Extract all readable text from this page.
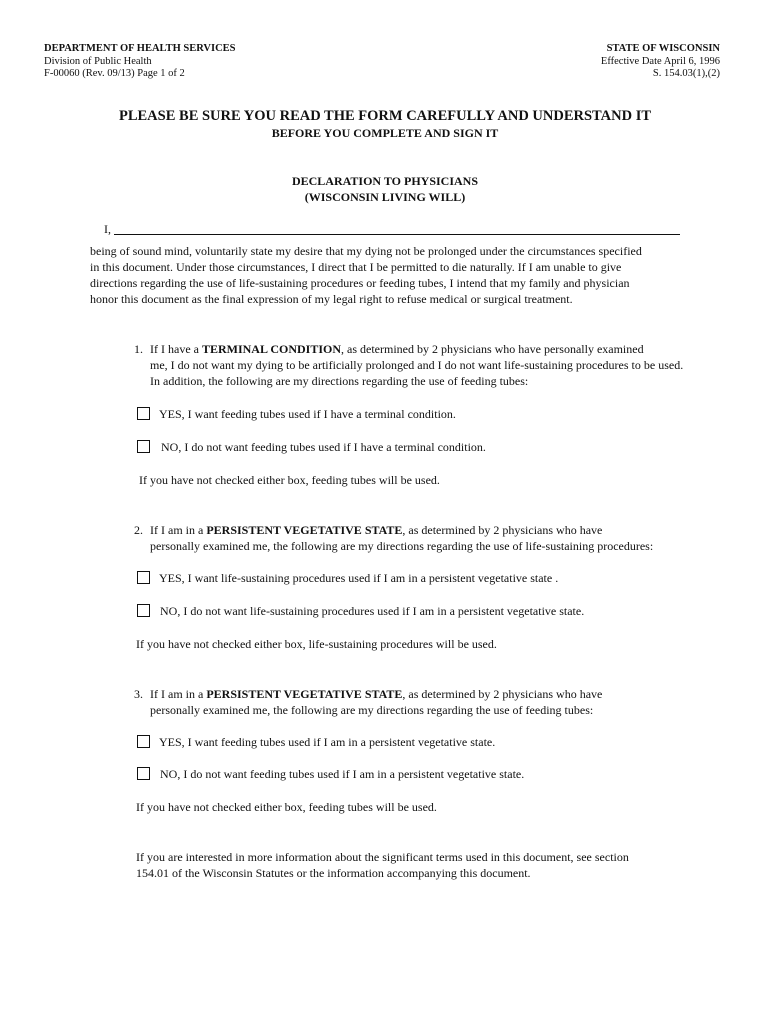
DEPARTMENT OF HEALTH SERVICES
Division of Public Health
F-00060 (Rev. 09/13) Page 1 of 2
STATE OF WISCONSIN
Effective Date April 6, 1996
S. 154.03(1),(2)
PLEASE BE SURE YOU READ THE FORM CAREFULLY AND UNDERSTAND IT
BEFORE YOU COMPLETE AND SIGN IT
DECLARATION TO PHYSICIANS
(WISCONSIN LIVING WILL)
I,
being of sound mind, voluntarily state my desire that my dying not be prolonged under the circumstances specified
in this document. Under those circumstances, I direct that I be permitted to die naturally. If I am unable to give
directions regarding the use of life-sustaining procedures or feeding tubes, I intend that my family and physician
honor this document as the final expression of my legal right to refuse medical or surgical treatment.
1. If I have a TERMINAL CONDITION, as determined by 2 physicians who have personally examined
me, I do not want my dying to be artificially prolonged and I do not want life-sustaining procedures to be used.
In addition, the following are my directions regarding the use of feeding tubes:
YES, I want feeding tubes used if I have a terminal condition.
NO, I do not want feeding tubes used if I have a terminal condition.
If you have not checked either box, feeding tubes will be used.
2. If I am in a PERSISTENT VEGETATIVE STATE, as determined by 2 physicians who have
personally examined me, the following are my directions regarding the use of life-sustaining procedures:
YES, I want life-sustaining procedures used if I am in a persistent vegetative state .
NO, I do not want life-sustaining procedures used if I am in a persistent vegetative state.
If you have not checked either box, life-sustaining procedures will be used.
3. If I am in a PERSISTENT VEGETATIVE STATE, as determined by 2 physicians who have
personally examined me, the following are my directions regarding the use of feeding tubes:
YES, I want feeding tubes used if I am in a persistent vegetative state.
NO, I do not want feeding tubes used if I am in a persistent vegetative state.
If you have not checked either box, feeding tubes will be used.
If you are interested in more information about the significant terms used in this document, see section
154.01 of the Wisconsin Statutes or the information accompanying this document.
